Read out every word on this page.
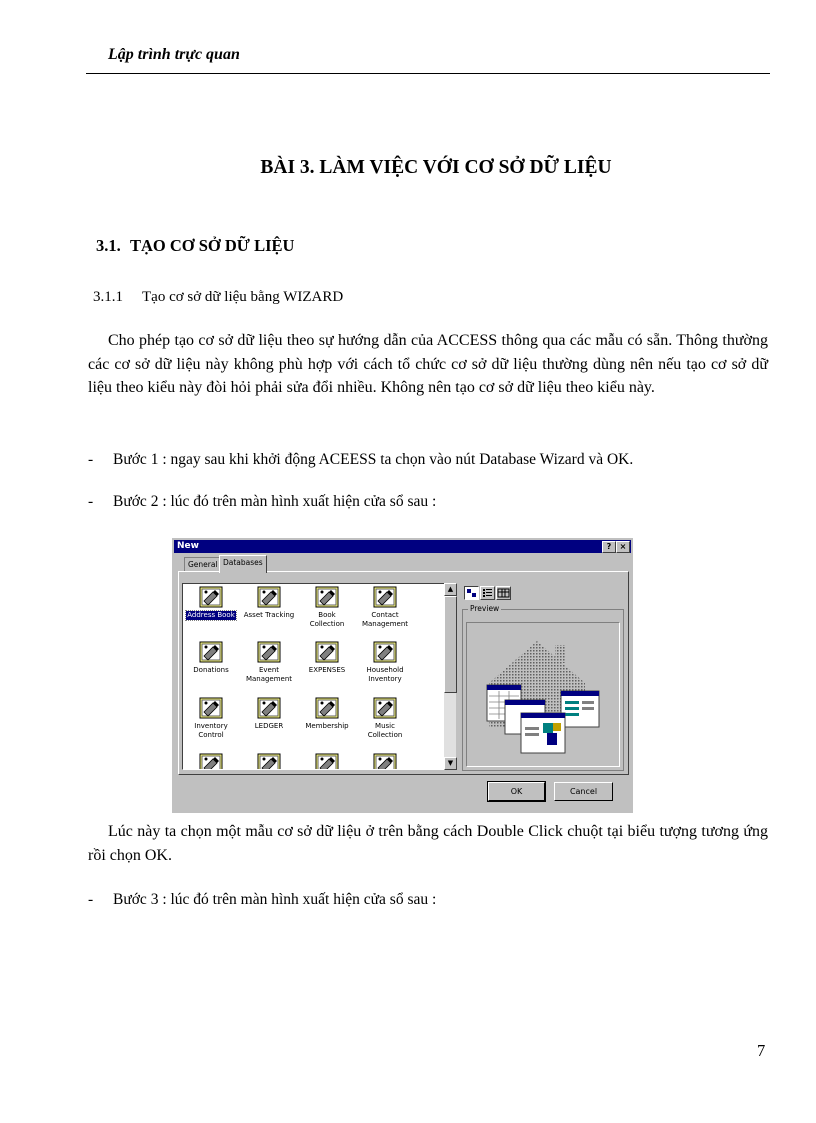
Lập trình trực quan
BÀI 3. LÀM VIỆC VỚI CƠ SỞ DỮ LIỆU
3.1. TẠO CƠ SỞ DỮ LIỆU
3.1.1 Tạo cơ sở dữ liệu bằng WIZARD
Cho phép tạo cơ sở dữ liệu theo sự hướng dẫn của ACCESS thông qua các mẫu có sẵn. Thông thường các cơ sở dữ liệu này không phù hợp với cách tổ chức cơ sở dữ liệu thường dùng nên nếu tạo cơ sở dữ liệu theo kiểu này đòi hỏi phải sửa đổi nhiều. Không nên tạo cơ sở dữ liệu theo kiểu này.
- Bước 1 : ngay sau khi khởi động ACEESS ta chọn vào nút Database Wizard và OK.
- Bước 2 : lúc đó trên màn hình xuất hiện cửa sổ sau :
New	?	×
General Databases
Address Book	Asset Tracking	Book
Collection
Contact
Management
Donations	Event
Management
EXPENSES	Household
Inventory
Inventory
Control
LEDGER	Membership	Music
Collection
▲
▼
Preview
OK	Cancel
Lúc này ta chọn một mẫu cơ sở dữ liệu ở trên bằng cách Double Click chuột tại biểu tượng tương ứng rồi chọn OK.
- Bước 3 : lúc đó trên màn hình xuất hiện cửa sổ sau :
7
